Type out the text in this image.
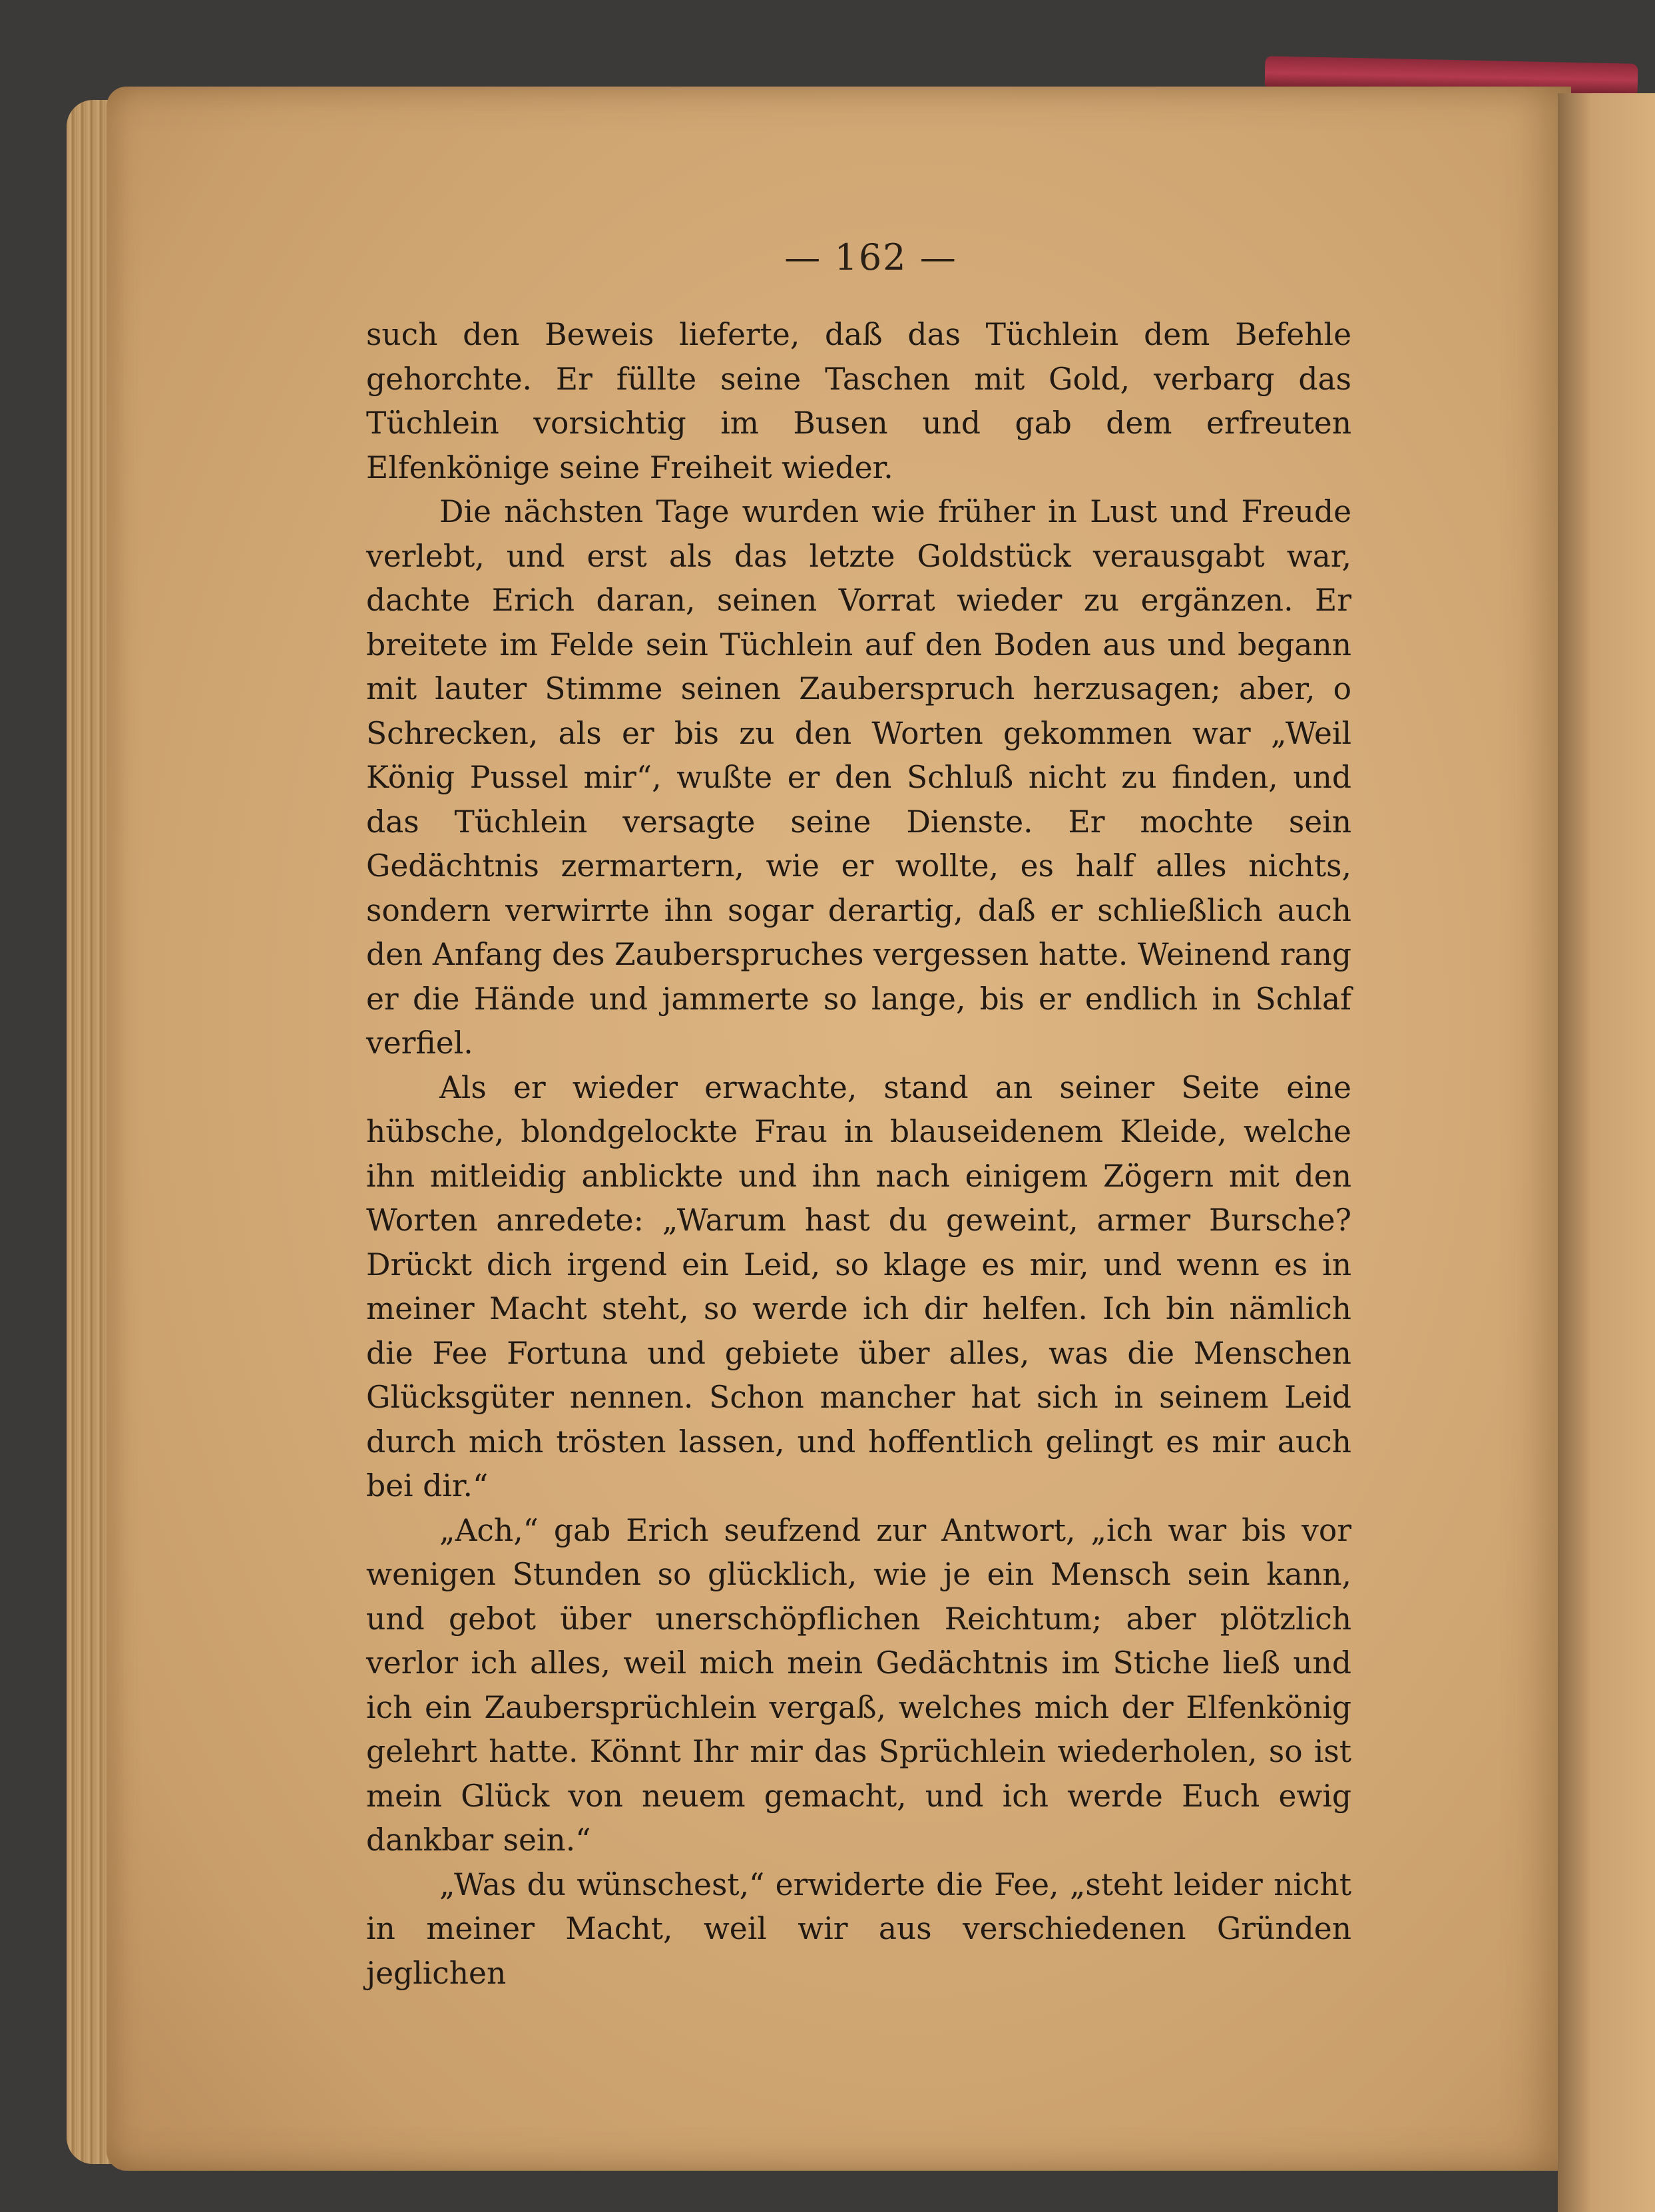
— 162 —

such den Beweis lieferte, daß das Tüchlein dem Befehle gehorchte. Er füllte seine Taschen mit Gold, verbarg das Tüchlein vorsichtig im Busen und gab dem erfreuten Elfenkönige seine Freiheit wieder.

Die nächsten Tage wurden wie früher in Lust und Freude verlebt, und erst als das letzte Goldstück verausgabt war, dachte Erich daran, seinen Vorrat wieder zu ergänzen. Er breitete im Felde sein Tüchlein auf den Boden aus und begann mit lauter Stimme seinen Zauberspruch herzusagen; aber, o Schrecken, als er bis zu den Worten gekommen war „Weil König Pussel mir“, wußte er den Schluß nicht zu finden, und das Tüchlein versagte seine Dienste. Er mochte sein Gedächtnis zermartern, wie er wollte, es half alles nichts, sondern verwirrte ihn sogar derartig, daß er schließlich auch den Anfang des Zauberspruches vergessen hatte. Weinend rang er die Hände und jammerte so lange, bis er endlich in Schlaf verfiel.

Als er wieder erwachte, stand an seiner Seite eine hübsche, blondgelockte Frau in blauseidenem Kleide, welche ihn mitleidig anblickte und ihn nach einigem Zögern mit den Worten anredete: „Warum hast du geweint, armer Bursche? Drückt dich irgend ein Leid, so klage es mir, und wenn es in meiner Macht steht, so werde ich dir helfen. Ich bin nämlich die Fee Fortuna und gebiete über alles, was die Menschen Glücksgüter nennen. Schon mancher hat sich in seinem Leid durch mich trösten lassen, und hoffentlich gelingt es mir auch bei dir.“

„Ach,“ gab Erich seufzend zur Antwort, „ich war bis vor wenigen Stunden so glücklich, wie je ein Mensch sein kann, und gebot über unerschöpflichen Reichtum; aber plötzlich verlor ich alles, weil mich mein Gedächtnis im Stiche ließ und ich ein Zaubersprüchlein vergaß, welches mich der Elfenkönig gelehrt hatte. Könnt Ihr mir das Sprüchlein wiederholen, so ist mein Glück von neuem gemacht, und ich werde Euch ewig dankbar sein.“

„Was du wünschest,“ erwiderte die Fee, „steht leider nicht in meiner Macht, weil wir aus verschiedenen Gründen jeglichen
